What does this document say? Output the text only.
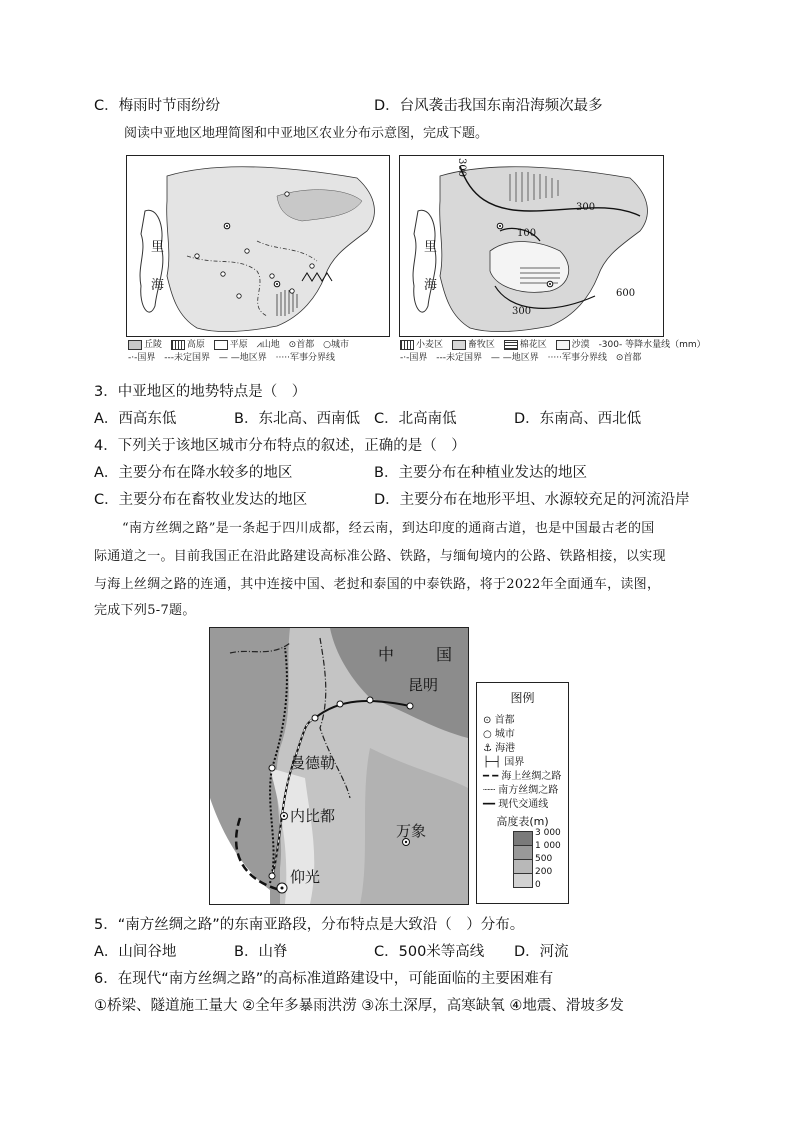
C．梅雨时节雨纷纷	D．台风袭击我国东南沿海频次最多
阅读中亚地区地理简图和中亚地区农业分布示意图，完成下题。
里
海
丘陵	高原	平原 ⩘山地 ⊙首都 ○城市
-·-国界 ---未定国界 — —地区界 ·····军事分界线
里
海
300
300
100
300
600
小麦区	畜牧区	棉花区	沙漠 -300- 等降水量线（mm）
-·-国界 ---未定国界 — —地区界 ·····军事分界线 ⊙首都
3．中亚地区的地势特点是（　）
A．西高东低	B．东北高、西南低 C．北高南低	D．东南高、西北低
4．下列关于该地区城市分布特点的叙述，正确的是（　）
A．主要分布在降水较多的地区	B．主要分布在种植业发达的地区
C．主要分布在畜牧业发达的地区	D．主要分布在地形平坦、水源较充足的河流沿岸
“南方丝绸之路”是一条起于四川成都，经云南，到达印度的通商古道，也是中国最古老的国
际通道之一。目前我国正在沿此路建设高标准公路、铁路，与缅甸境内的公路、铁路相接，以实现
与海上丝绸之路的连通，其中连接中国、老挝和泰国的中泰铁路，将于2022年全面通车，读图，
完成下列5-7题。
中	国
昆明
曼德勒
内比都
万象
仰光
图例
⊙ 首都
○ 城市
⚓ 海港
├─┤ 国界
━ ━ 海上丝绸之路
┈┈ 南方丝绸之路
━━ 现代交通线
高度表(m)
3 000
1 000
500
200
0
5．“南方丝绸之路”的东南亚路段，分布特点是大致沿（　）分布。
A．山间谷地	B．山脊	C．500米等高线 D．河流
6．在现代“南方丝绸之路”的高标准道路建设中，可能面临的主要困难有
①桥梁、隧道施工量大 ②全年多暴雨洪涝 ③冻土深厚，高寒缺氧 ④地震、滑坡多发
